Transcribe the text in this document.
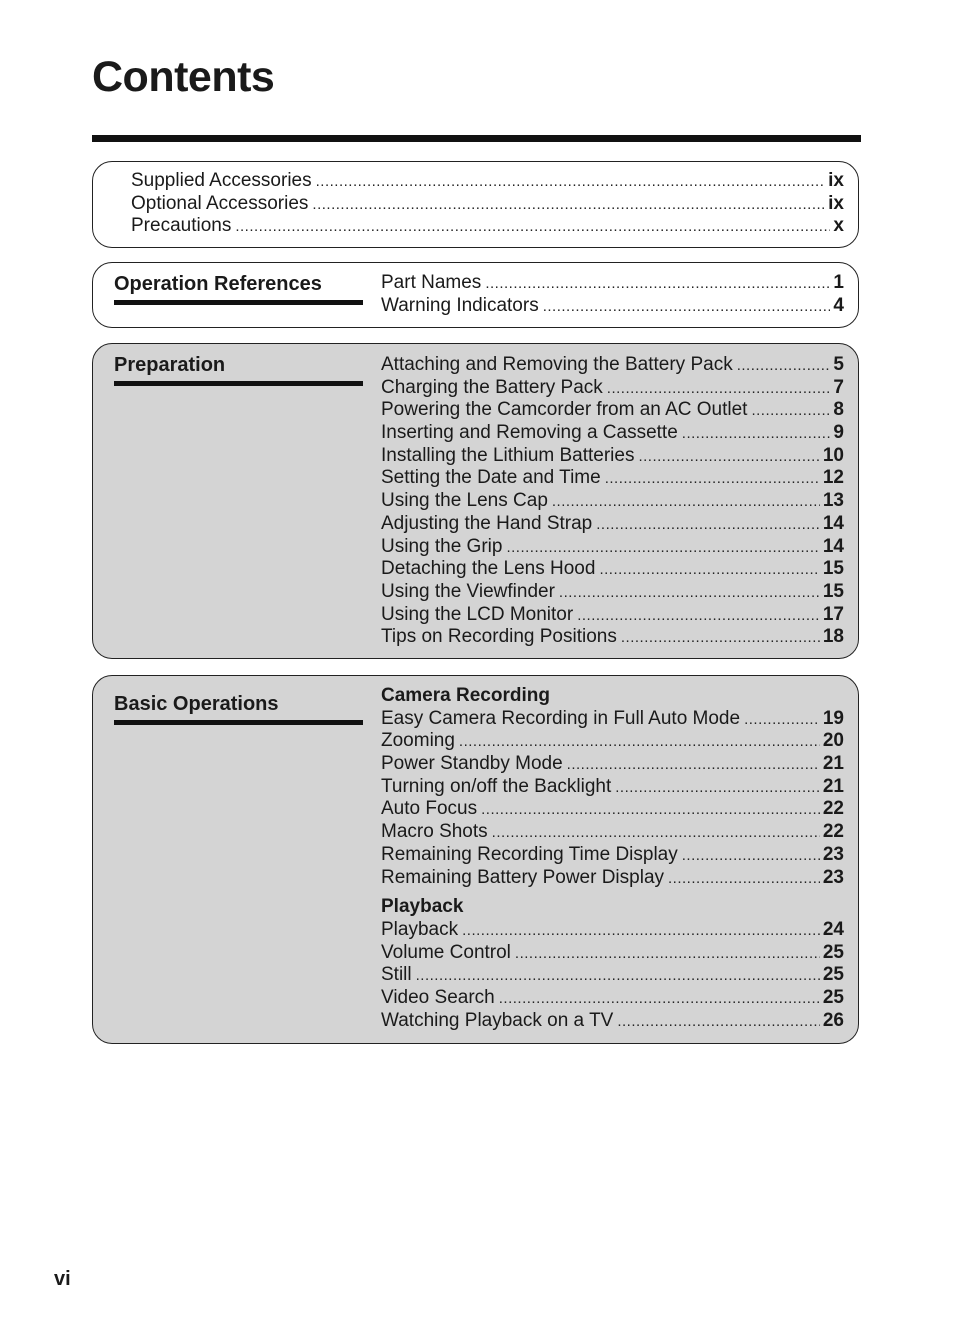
Contents
Supplied Accessories .....	ix
Optional Accessories .....	ix
Precautions .....	x
Operation References	Part Names .....	1
Warning Indicators .....	4
Preparation	Attaching and Removing the Battery Pack .....	5
Charging the Battery Pack .....	7
Powering the Camcorder from an AC Outlet .....	8
Inserting and Removing a Cassette .....	9
Installing the Lithium Batteries .....	10
Setting the Date and Time .....	12
Using the Lens Cap .....	13
Adjusting the Hand Strap .....	14
Using the Grip .....	14
Detaching the Lens Hood .....	15
Using the Viewfinder .....	15
Using the LCD Monitor .....	17
Tips on Recording Positions .....	18
Basic Operations	Camera Recording
Easy Camera Recording in Full Auto Mode .....	19
Zooming .....	20
Power Standby Mode .....	21
Turning on/off the Backlight .....	21
Auto Focus .....	22
Macro Shots .....	22
Remaining Recording Time Display .....	23
Remaining Battery Power Display .....	23
Playback
Playback .....	24
Volume Control .....	25
Still .....	25
Video Search .....	25
Watching Playback on a TV .....	26

vi
